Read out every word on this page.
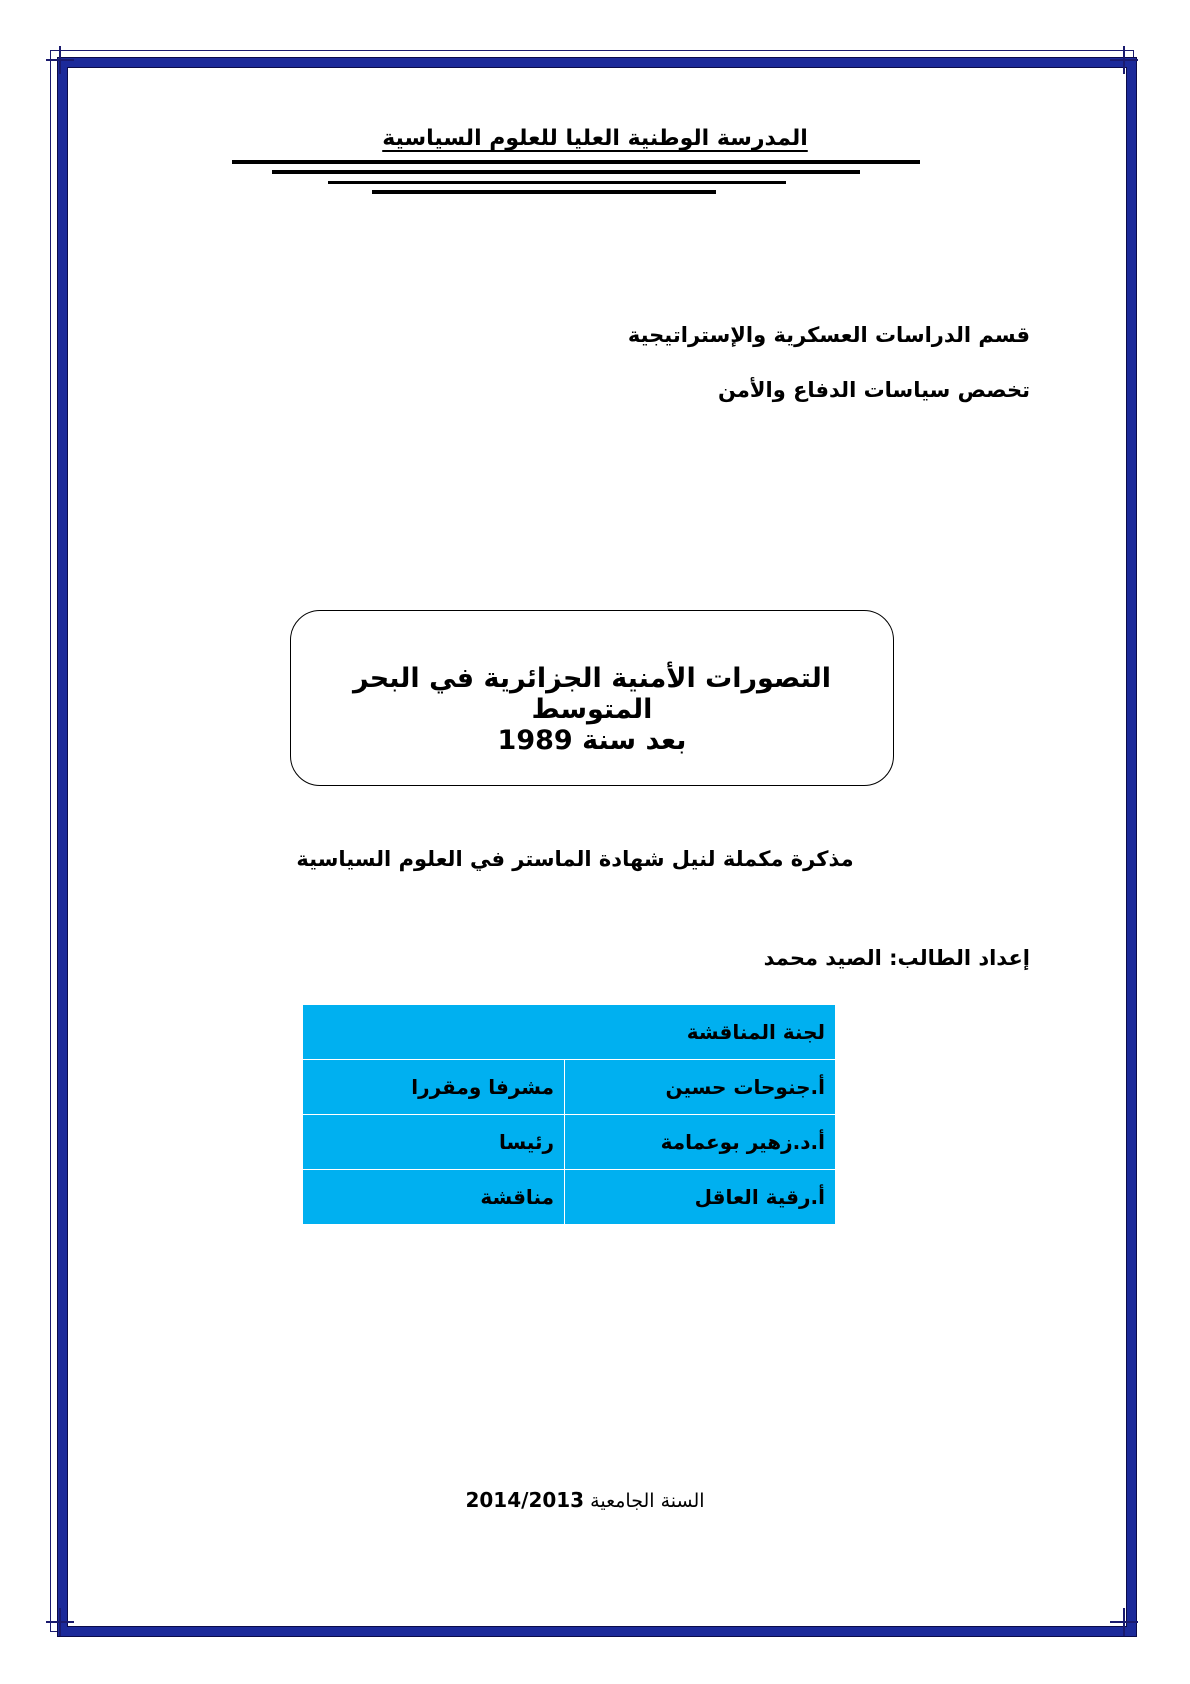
المدرسة الوطنية العليا للعلوم السياسية
قسم الدراسات العسكرية والإستراتيجية
تخصص سياسات الدفاع والأمن
التصورات الأمنية الجزائرية في البحر المتوسط
بعد سنة 1989
مذكرة مكملة لنيل شهادة الماستر في العلوم السياسية
إعداد الطالب: الصيد محمد
لجنة المناقشة	
أ.جنوحات حسين	مشرفا ومقررا
أ.د.زهير بوعمامة	رئيسا
أ.رقية العاقل	مناقشة
السنة الجامعية 2014/2013
